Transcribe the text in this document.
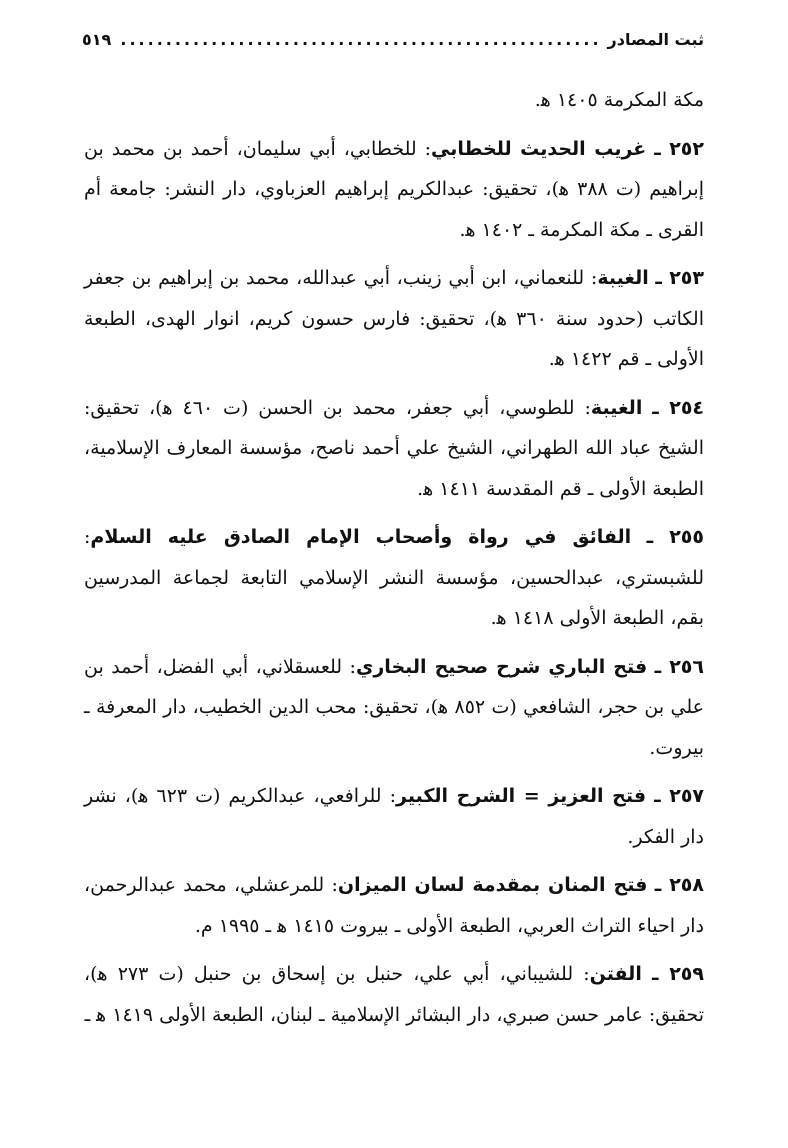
ثبت المصادر
.....
٥١٩

مكة المكرمة ١٤٠٥ ﻫ.

٢٥٢ ـ غريب الحديث للخطابي: للخطابي، أبي سليمان، أحمد بن محمد بن إبراهيم (ت ٣٨٨ ﻫ)، تحقيق: عبدالكريم إبراهيم العزباوي، دار النشر: جامعة أم القرى ـ مكة المكرمة ـ ١٤٠٢ ﻫ.

٢٥٣ ـ الغيبة: للنعماني، ابن أبي زينب، أبي عبدالله، محمد بن إبراهيم بن جعفر الكاتب (حدود سنة ٣٦٠ ﻫ)، تحقيق: فارس حسون كريم، انوار الهدى، الطبعة الأولى ـ قم ١٤٢٢ ﻫ.

٢٥٤ ـ الغيبة: للطوسي، أبي جعفر، محمد بن الحسن (ت ٤٦٠ ﻫ)، تحقيق: الشيخ عباد الله الطهراني، الشيخ علي أحمد ناصح، مؤسسة المعارف الإسلامية، الطبعة الأولى ـ قم المقدسة ١٤١١ ﻫ.

٢٥٥ ـ الفائق في رواة وأصحاب الإمام الصادق عليه السلام: للشبستري، عبدالحسين، مؤسسة النشر الإسلامي التابعة لجماعة المدرسين بقم، الطبعة الأولى ١٤١٨ ﻫ.

٢٥٦ ـ فتح الباري شرح صحيح البخاري: للعسقلاني، أبي الفضل، أحمد بن علي بن حجر، الشافعي (ت ٨٥٢ ﻫ)، تحقيق: محب الدين الخطيب، دار المعرفة ـ بيروت.

٢٥٧ ـ فتح العزيز = الشرح الكبير: للرافعي، عبدالكريم (ت ٦٢٣ ﻫ)، نشر دار الفكر.

٢٥٨ ـ فتح المنان بمقدمة لسان الميزان: للمرعشلي، محمد عبدالرحمن، دار احياء التراث العربي، الطبعة الأولى ـ بيروت ١٤١٥ ﻫ ـ ١٩٩٥ م.

٢٥٩ ـ الفتن: للشيباني، أبي علي، حنبل بن إسحاق بن حنبل (ت ٢٧٣ ﻫ)، تحقيق: عامر حسن صبري، دار البشائر الإسلامية ـ لبنان، الطبعة الأولى ١٤١٩ ﻫ ـ
